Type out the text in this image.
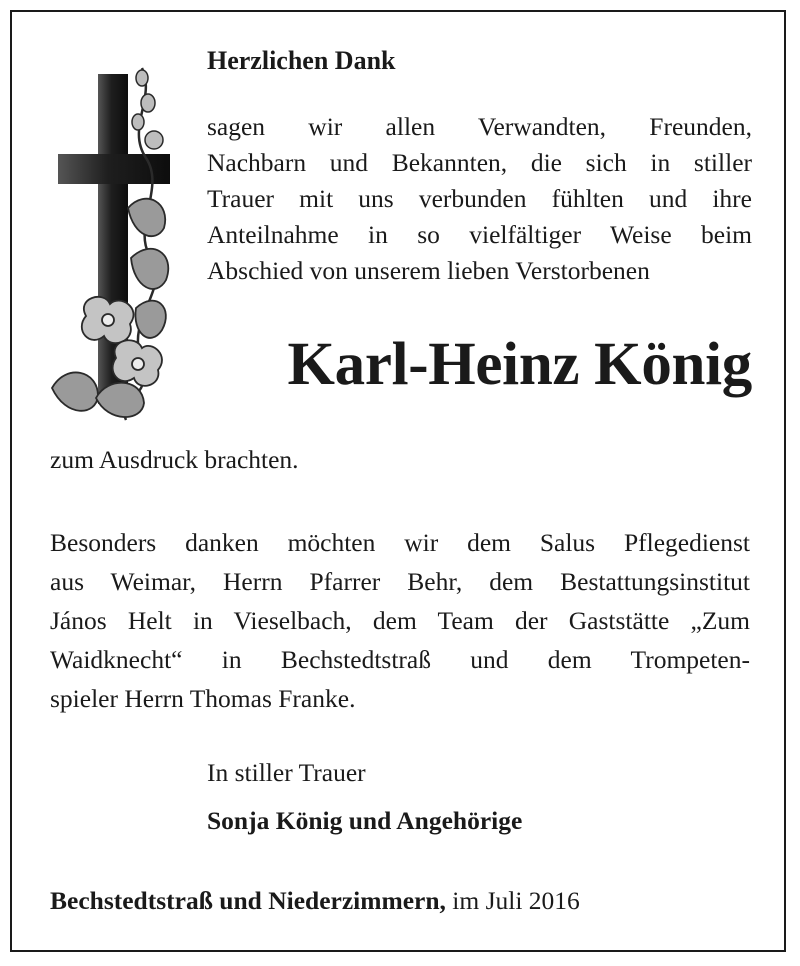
Herzlichen Dank
sagen wir allen Verwandten, Freunden,
Nachbarn und Bekannten, die sich in stiller
Trauer mit uns verbunden fühlten und ihre
Anteilnahme in so vielfältiger Weise beim
Abschied von unserem lieben Verstorbenen
Karl-Heinz König
zum Ausdruck brachten.
Besonders danken möchten wir dem Salus Pflegedienst
aus Weimar, Herrn Pfarrer Behr, dem Bestattungsinstitut
János Helt in Vieselbach, dem Team der Gaststätte „Zum
Waidknecht“ in Bechstedtstraß und dem Trompeten-
spieler Herrn Thomas Franke.
In stiller Trauer
Sonja König und Angehörige
Bechstedtstraß und Niederzimmern, im Juli 2016
